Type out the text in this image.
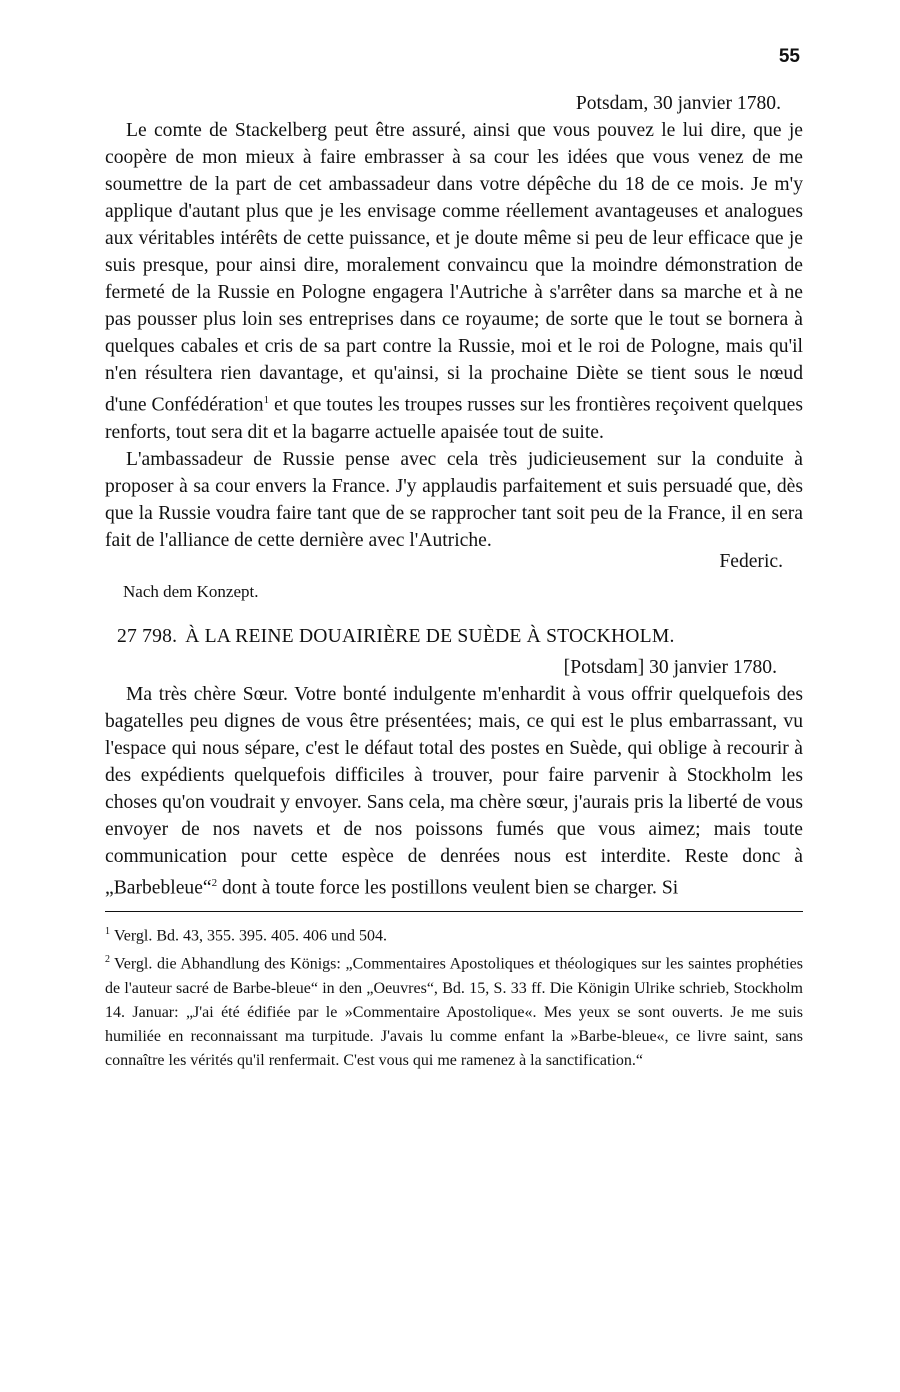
55
Potsdam, 30 janvier 1780.

Le comte de Stackelberg peut être assuré, ainsi que vous pouvez le lui dire, que je coopère de mon mieux à faire embrasser à sa cour les idées que vous venez de me soumettre de la part de cet ambassadeur dans votre dépêche du 18 de ce mois. Je m'y applique d'autant plus que je les envisage comme réellement avantageuses et analogues aux véritables intérêts de cette puissance, et je doute même si peu de leur efficace que je suis presque, pour ainsi dire, moralement convaincu que la moindre démonstration de fermeté de la Russie en Pologne engagera l'Autriche à s'arrêter dans sa marche et à ne pas pousser plus loin ses entreprises dans ce royaume; de sorte que le tout se bornera à quelques cabales et cris de sa part contre la Russie, moi et le roi de Pologne, mais qu'il n'en résultera rien davantage, et qu'ainsi, si la prochaine Diète se tient sous le nœud d'une Confédération$^1$ et que toutes les troupes russes sur les frontières reçoivent quelques renforts, tout sera dit et la bagarre actuelle apaisée tout de suite.

L'ambassadeur de Russie pense avec cela très judicieusement sur la conduite à proposer à sa cour envers la France. J'y applaudis parfaitement et suis persuadé que, dès que la Russie voudra faire tant que de se rapprocher tant soit peu de la France, il en sera fait de l'alliance de cette dernière avec l'Autriche.

Federic.
Nach dem Konzept.
27 798. À LA REINE DOUAIRIÈRE DE SUÈDE À STOCKHOLM.
[Potsdam] 30 janvier 1780.

Ma très chère Sœur. Votre bonté indulgente m'enhardit à vous offrir quelquefois des bagatelles peu dignes de vous être présentées; mais, ce qui est le plus embarrassant, vu l'espace qui nous sépare, c'est le défaut total des postes en Suède, qui oblige à recourir à des expédients quelquefois difficiles à trouver, pour faire parvenir à Stockholm les choses qu'on voudrait y envoyer. Sans cela, ma chère sœur, j'aurais pris la liberté de vous envoyer de nos navets et de nos poissons fumés que vous aimez; mais toute communication pour cette espèce de denrées nous est interdite. Reste donc à „Barbebleue“$^2$ dont à toute force les postillons veulent bien se charger. Si

$^1$ Vergl. Bd. 43, 355. 395. 405. 406 und 504.

$^2$ Vergl. die Abhandlung des Königs: „Commentaires Apostoliques et théologiques sur les saintes prophéties de l'auteur sacré de Barbe-bleue“ in den „Oeuvres“, Bd. 15, S. 33 ff. Die Königin Ulrike schrieb, Stockholm 14. Januar: „J'ai été édifiée par le »Commentaire Apostolique«. Mes yeux se sont ouverts. Je me suis humiliée en reconnaissant ma turpitude. J'avais lu comme enfant la »Barbe-bleue«, ce livre saint, sans connaître les vérités qu'il renfermait. C'est vous qui me ramenez à la sanctification.“
